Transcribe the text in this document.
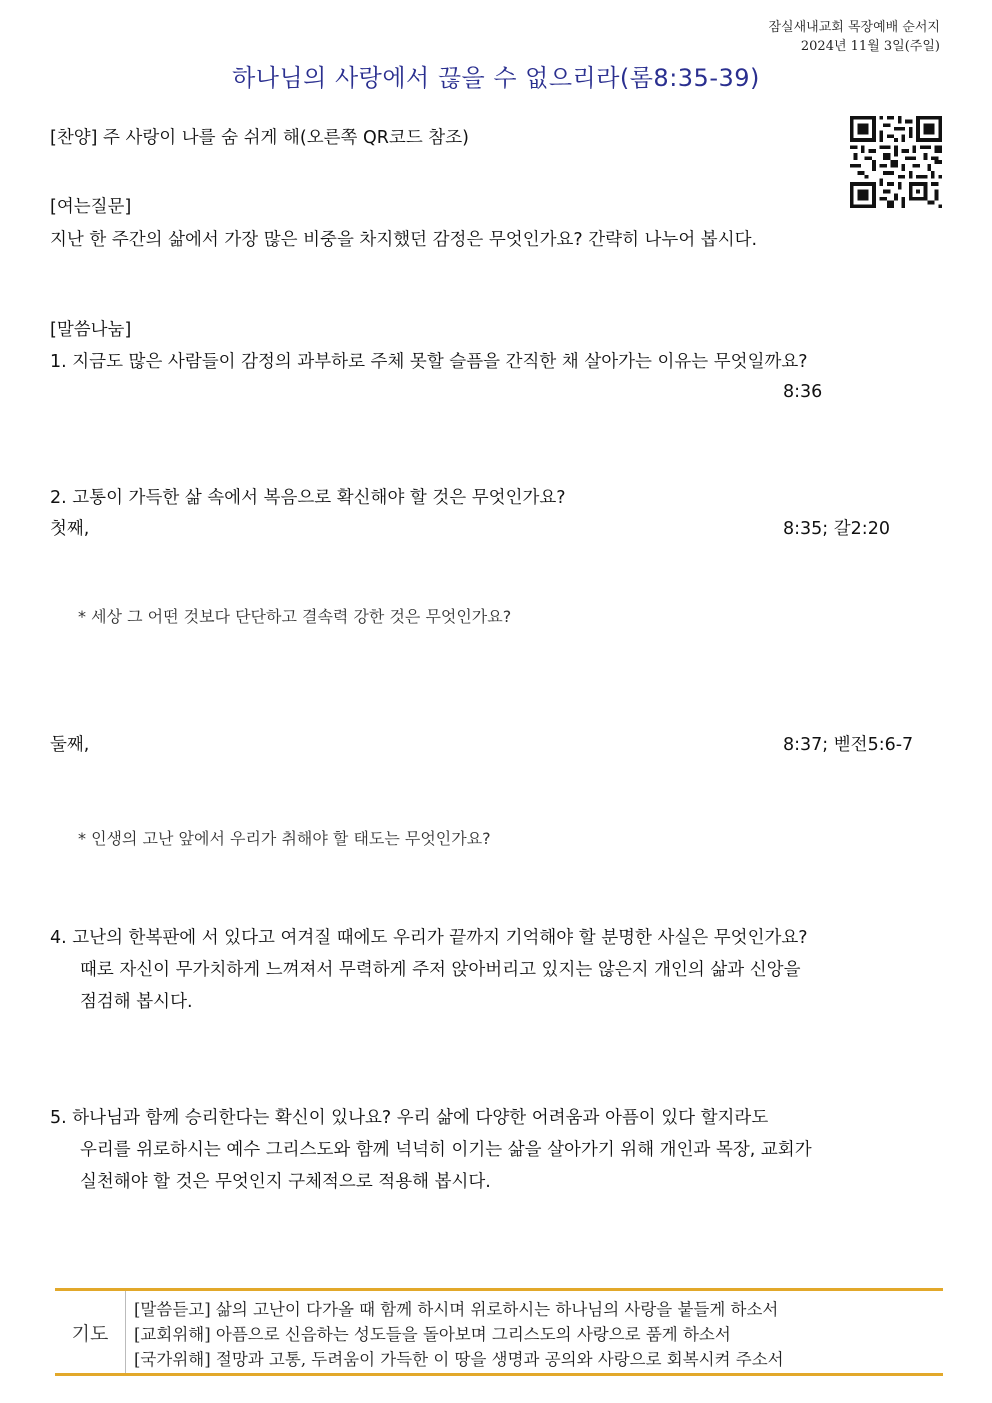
잠실새내교회 목장예배 순서지
2024년 11월 3일(주일)
하나님의 사랑에서 끊을 수 없으리라(롬8:35-39)
[찬양] 주 사랑이 나를 숨 쉬게 해(오른쪽 QR코드 참조)
[여는질문]
지난 한 주간의 삶에서 가장 많은 비중을 차지했던 감정은 무엇인가요? 간략히 나누어 봅시다.
[말씀나눔]
1. 지금도 많은 사람들이 감정의 과부하로 주체 못할 슬픔을 간직한 채 살아가는 이유는 무엇일까요?
8:36
2. 고통이 가득한 삶 속에서 복음으로 확신해야 할 것은 무엇인가요?
첫째,	8:35; 갈2:20
* 세상 그 어떤 것보다 단단하고 결속력 강한 것은 무엇인가요?
둘째,	8:37; 벧전5:6-7
* 인생의 고난 앞에서 우리가 취해야 할 태도는 무엇인가요?
4. 고난의 한복판에 서 있다고 여겨질 때에도 우리가 끝까지 기억해야 할 분명한 사실은 무엇인가요?
때로 자신이 무가치하게 느껴져서 무력하게 주저 앉아버리고 있지는 않은지 개인의 삶과 신앙을
점검해 봅시다.
5. 하나님과 함께 승리한다는 확신이 있나요? 우리 삶에 다양한 어려움과 아픔이 있다 할지라도
우리를 위로하시는 예수 그리스도와 함께 넉넉히 이기는 삶을 살아가기 위해 개인과 목장, 교회가
실천해야 할 것은 무엇인지 구체적으로 적용해 봅시다.
기도
[말씀듣고] 삶의 고난이 다가올 때 함께 하시며 위로하시는 하나님의 사랑을 붙들게 하소서
[교회위해] 아픔으로 신음하는 성도들을 돌아보며 그리스도의 사랑으로 품게 하소서
[국가위해] 절망과 고통, 두려움이 가득한 이 땅을 생명과 공의와 사랑으로 회복시켜 주소서
